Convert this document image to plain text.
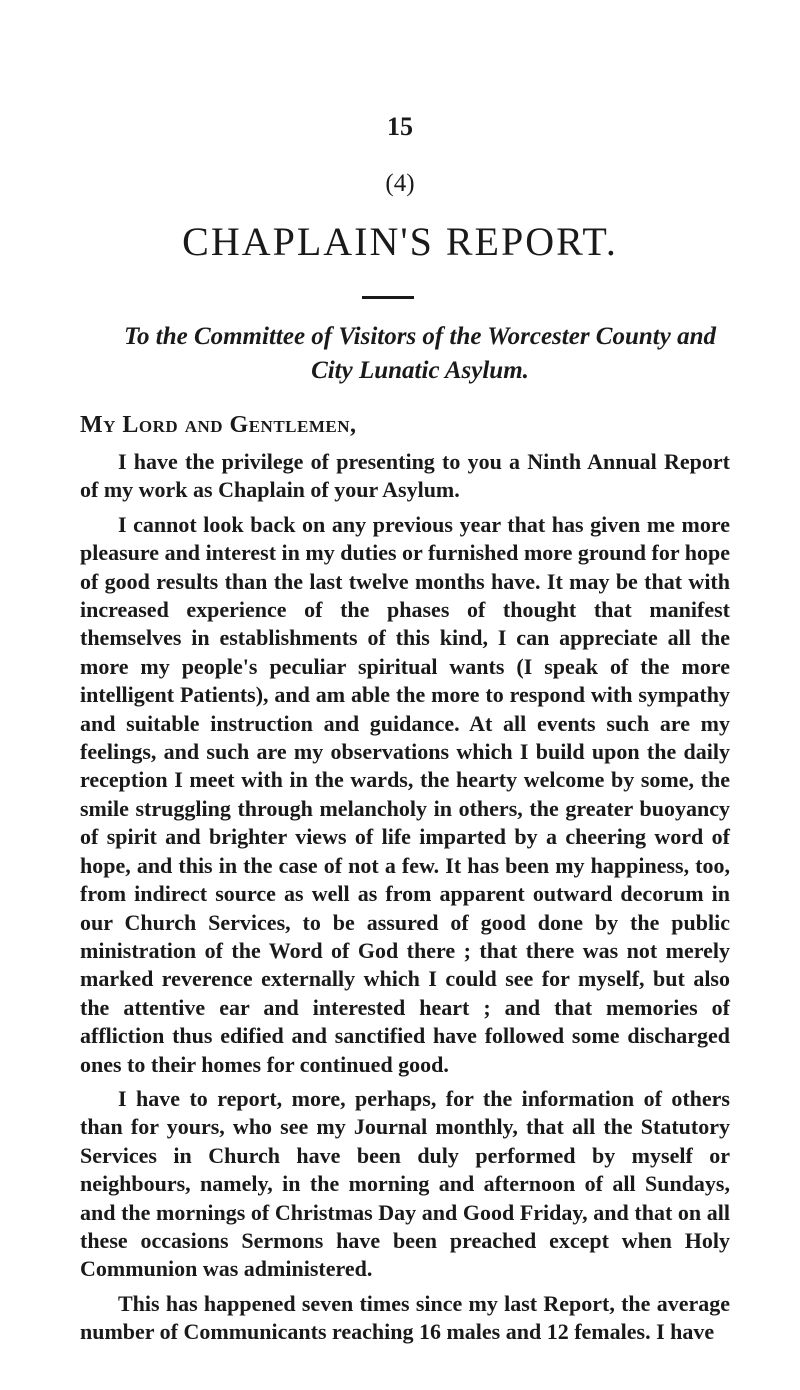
15
(4)
CHAPLAIN'S REPORT.
To the Committee of Visitors of the Worcester County and City Lunatic Asylum.
My Lord and Gentlemen,

I have the privilege of presenting to you a Ninth Annual Report of my work as Chaplain of your Asylum.

I cannot look back on any previous year that has given me more pleasure and interest in my duties or furnished more ground for hope of good results than the last twelve months have. It may be that with increased experience of the phases of thought that manifest themselves in establishments of this kind, I can appreciate all the more my people's peculiar spiritual wants (I speak of the more intelligent Patients), and am able the more to respond with sympathy and suitable instruction and guidance. At all events such are my feelings, and such are my observations which I build upon the daily reception I meet with in the wards, the hearty welcome by some, the smile struggling through melancholy in others, the greater buoyancy of spirit and brighter views of life imparted by a cheering word of hope, and this in the case of not a few. It has been my happiness, too, from indirect source as well as from apparent outward decorum in our Church Services, to be assured of good done by the public ministration of the Word of God there ; that there was not merely marked reverence externally which I could see for myself, but also the attentive ear and interested heart ; and that memories of affliction thus edified and sanctified have followed some discharged ones to their homes for continued good.

I have to report, more, perhaps, for the information of others than for yours, who see my Journal monthly, that all the Statutory Services in Church have been duly performed by myself or neighbours, namely, in the morning and afternoon of all Sundays, and the mornings of Christmas Day and Good Friday, and that on all these occasions Sermons have been preached except when Holy Communion was administered.

This has happened seven times since my last Report, the average number of Communicants reaching 16 males and 12 females. I have
